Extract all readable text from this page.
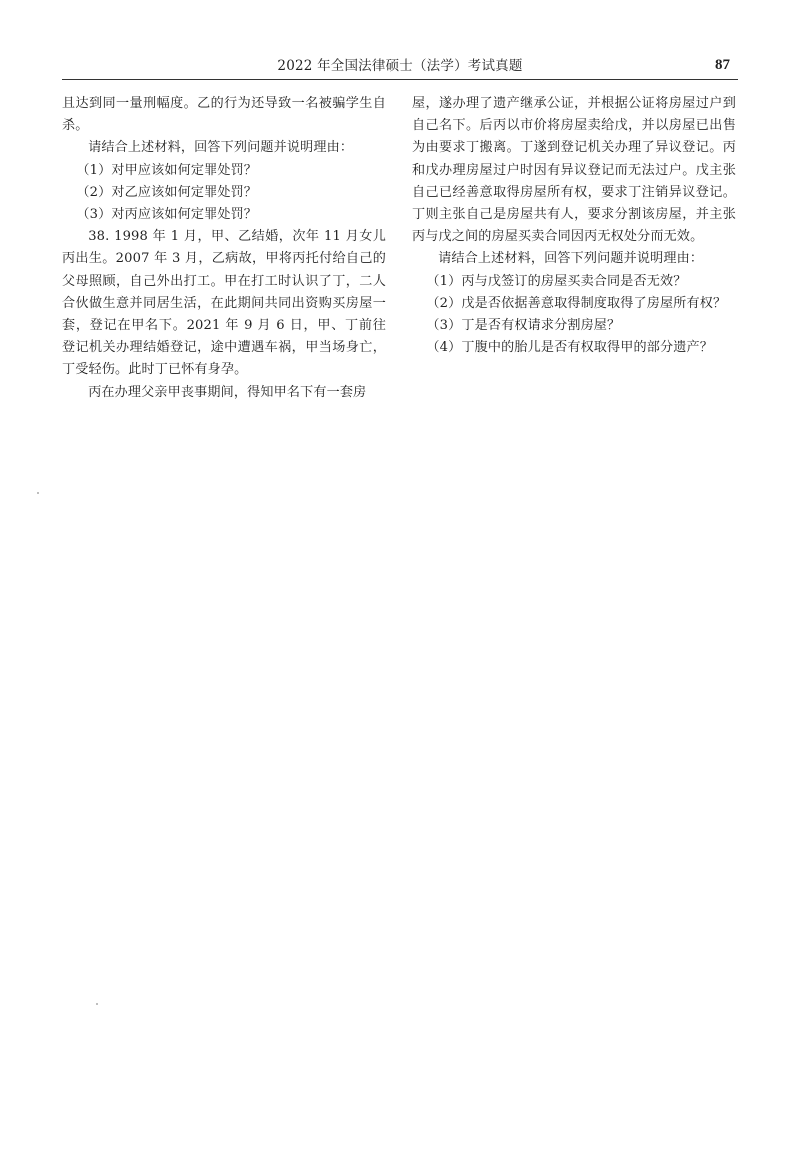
2022 年全国法律硕士（法学）考试真题	87

且达到同一量刑幅度。乙的行为还导致一名被骗学生自杀。

请结合上述材料，回答下列问题并说明理由：

（1）对甲应该如何定罪处罚？

（2）对乙应该如何定罪处罚？

（3）对丙应该如何定罪处罚？

38. 1998 年 1 月，甲、乙结婚，次年 11 月女儿丙出生。2007 年 3 月，乙病故，甲将丙托付给自己的父母照顾，自己外出打工。甲在打工时认识了丁，二人合伙做生意并同居生活，在此期间共同出资购买房屋一套，登记在甲名下。2021 年 9 月 6 日，甲、丁前往登记机关办理结婚登记，途中遭遇车祸，甲当场身亡，丁受轻伤。此时丁已怀有身孕。

丙在办理父亲甲丧事期间，得知甲名下有一套房

屋，遂办理了遗产继承公证，并根据公证将房屋过户到自己名下。后丙以市价将房屋卖给戊，并以房屋已出售为由要求丁搬离。丁遂到登记机关办理了异议登记。丙和戊办理房屋过户时因有异议登记而无法过户。戊主张自己已经善意取得房屋所有权，要求丁注销异议登记。丁则主张自己是房屋共有人，要求分割该房屋，并主张丙与戊之间的房屋买卖合同因丙无权处分而无效。

请结合上述材料，回答下列问题并说明理由：

（1）丙与戊签订的房屋买卖合同是否无效？

（2）戊是否依据善意取得制度取得了房屋所有权？

（3）丁是否有权请求分割房屋？

（4）丁腹中的胎儿是否有权取得甲的部分遗产？
